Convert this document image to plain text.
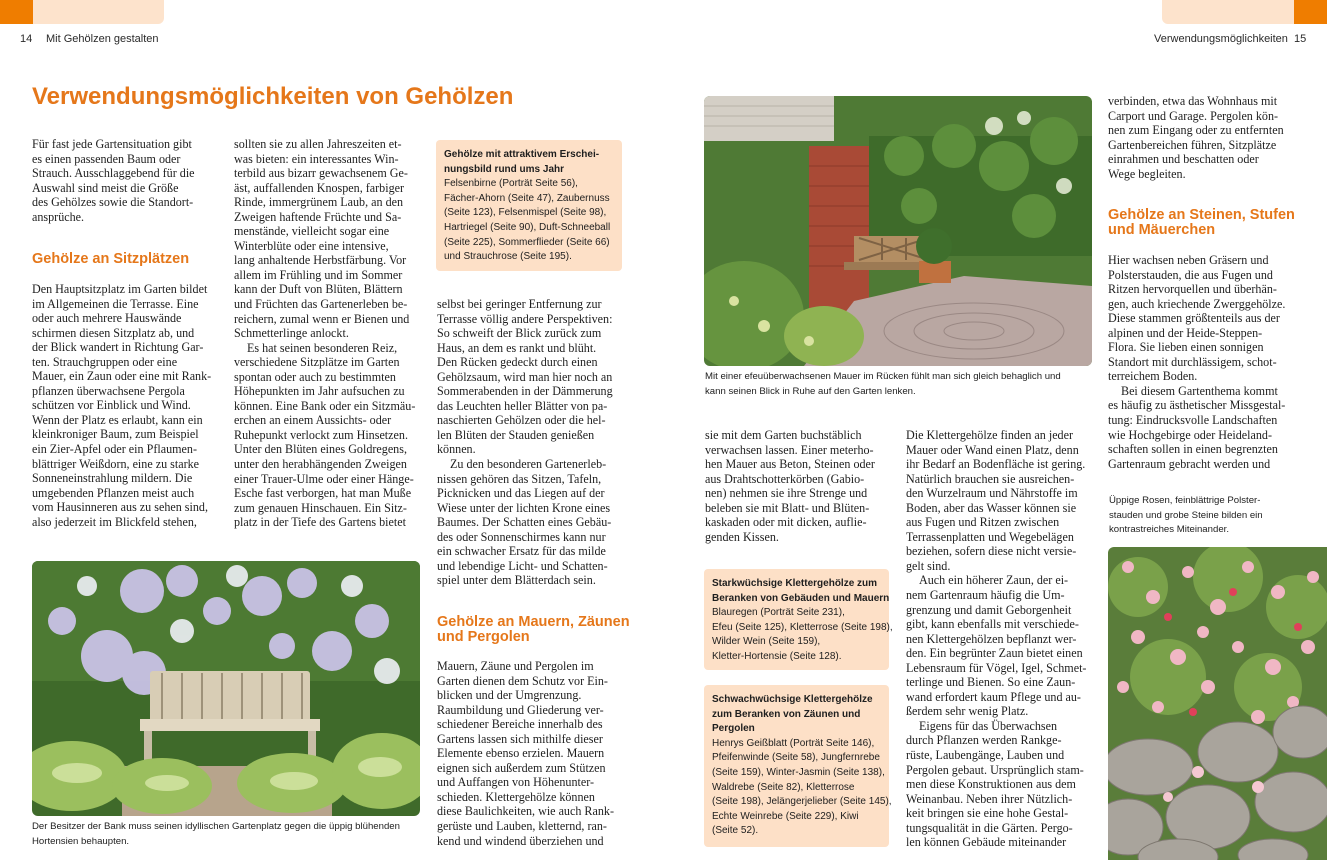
14 Mit Gehölzen gestalten	Verwendungsmöglichkeiten 15
Verwendungsmöglichkeiten von Gehölzen
Für fast jede Gartensituation gibt
es einen passenden Baum oder
Strauch. Ausschlaggebend für die
Auswahl sind meist die Größe
des Gehölzes sowie die Standort-
ansprüche.
Gehölze an Sitzplätzen
Den Hauptsitzplatz im Garten bildet
im Allgemeinen die Terrasse. Eine
oder auch mehrere Hauswände
schirmen diesen Sitzplatz ab, und
der Blick wandert in Richtung Gar-
ten. Strauchgruppen oder eine
Mauer, ein Zaun oder eine mit Rank-
pflanzen überwachsene Pergola
schützen vor Einblick und Wind.
Wenn der Platz es erlaubt, kann ein
kleinkroniger Baum, zum Beispiel
ein Zier-Apfel oder ein Pflaumen-
blättriger Weißdorn, eine zu starke
Sonneneinstrahlung mildern. Die
umgebenden Pflanzen meist auch
vom Hausinneren aus zu sehen sind,
also jederzeit im Blickfeld stehen,
sollten sie zu allen Jahreszeiten et-
was bieten: ein interessantes Win-
terbild aus bizarr gewachsenem Ge-
äst, auffallenden Knospen, farbiger
Rinde, immergrünem Laub, an den
Zweigen haftende Früchte und Sa-
menstände, vielleicht sogar eine
Winterblüte oder eine intensive,
lang anhaltende Herbstfärbung. Vor
allem im Frühling und im Sommer
kann der Duft von Blüten, Blättern
und Früchten das Gartenerleben be-
reichern, zumal wenn er Bienen und
Schmetterlinge anlockt.
Es hat seinen besonderen Reiz,
verschiedene Sitzplätze im Garten
spontan oder auch zu bestimmten
Höhepunkten im Jahr aufsuchen zu
können. Eine Bank oder ein Sitzmäu-
erchen an einem Aussichts- oder
Ruhepunkt verlockt zum Hinsetzen.
Unter den Blüten eines Goldregens,
unter den herabhängenden Zweigen
einer Trauer-Ulme oder einer Hänge-
Esche fast verborgen, hat man Muße
zum genauen Hinschauen. Ein Sitz-
platz in der Tiefe des Gartens bietet
Gehölze mit attraktivem Erschei-
nungsbild rund ums Jahr
Felsenbirne (Porträt Seite 56),
Fächer-Ahorn (Seite 47), Zaubernuss
(Seite 123), Felsenmispel (Seite 98),
Hartriegel (Seite 90), Duft-Schneeball
(Seite 225), Sommerflieder (Seite 66)
und Strauchrose (Seite 195).
selbst bei geringer Entfernung zur
Terrasse völlig andere Perspektiven:
So schweift der Blick zurück zum
Haus, an dem es rankt und blüht.
Den Rücken gedeckt durch einen
Gehölzsaum, wird man hier noch an
Sommerabenden in der Dämmerung
das Leuchten heller Blätter von pa-
naschierten Gehölzen oder die hel-
len Blüten der Stauden genießen
können.
Zu den besonderen Gartenerleb-
nissen gehören das Sitzen, Tafeln,
Picknicken und das Liegen auf der
Wiese unter der lichten Krone eines
Baumes. Der Schatten eines Gebäu-
des oder Sonnenschirmes kann nur
ein schwacher Ersatz für das milde
und lebendige Licht- und Schatten-
spiel unter dem Blätterdach sein.
Gehölze an Mauern, Zäunen
und Pergolen
Mauern, Zäune und Pergolen im
Garten dienen dem Schutz vor Ein-
blicken und der Umgrenzung.
Raumbildung und Gliederung ver-
schiedener Bereiche innerhalb des
Gartens lassen sich mithilfe dieser
Elemente ebenso erzielen. Mauern
eignen sich außerdem zum Stützen
und Auffangen von Höhenunter-
schieden. Klettergehölze können
diese Baulichkeiten, wie auch Rank-
gerüste und Lauben, kletternd, ran-
kend und windend überziehen und
Der Besitzer der Bank muss seinen idyllischen Gartenplatz gegen die üppig blühenden
Hortensien behaupten.
Mit einer efeuüberwachsenen Mauer im Rücken fühlt man sich gleich behaglich und
kann seinen Blick in Ruhe auf den Garten lenken.
sie mit dem Garten buchstäblich
verwachsen lassen. Einer meterho-
hen Mauer aus Beton, Steinen oder
aus Drahtschotterkörben (Gabio-
nen) nehmen sie ihre Strenge und
beleben sie mit Blatt- und Blüten-
kaskaden oder mit dicken, auflie-
genden Kissen.
Starkwüchsige Klettergehölze zum
Beranken von Gebäuden und Mauern
Blauregen (Porträt Seite 231),
Efeu (Seite 125), Kletterrose (Seite 198),
Wilder Wein (Seite 159),
Kletter-Hortensie (Seite 128).
Schwachwüchsige Klettergehölze
zum Beranken von Zäunen und
Pergolen
Henrys Geißblatt (Porträt Seite 146),
Pfeifenwinde (Seite 58), Jungfernrebe
(Seite 159), Winter-Jasmin (Seite 138),
Waldrebe (Seite 82), Kletterrose
(Seite 198), Jelängerjelieber (Seite 145),
Echte Weinrebe (Seite 229), Kiwi
(Seite 52).
Die Klettergehölze finden an jeder
Mauer oder Wand einen Platz, denn
ihr Bedarf an Bodenfläche ist gering.
Natürlich brauchen sie ausreichen-
den Wurzelraum und Nährstoffe im
Boden, aber das Wasser können sie
aus Fugen und Ritzen zwischen
Terrassenplatten und Wegebelägen
beziehen, sofern diese nicht versie-
gelt sind.
Auch ein höherer Zaun, der ei-
nem Gartenraum häufig die Um-
grenzung und damit Geborgenheit
gibt, kann ebenfalls mit verschiede-
nen Klettergehölzen bepflanzt wer-
den. Ein begrünter Zaun bietet einen
Lebensraum für Vögel, Igel, Schmet-
terlinge und Bienen. So eine Zaun-
wand erfordert kaum Pflege und au-
ßerdem sehr wenig Platz.
Eigens für das Überwachsen
durch Pflanzen werden Rankge-
rüste, Laubengänge, Lauben und
Pergolen gebaut. Ursprünglich stam-
men diese Konstruktionen aus dem
Weinanbau. Neben ihrer Nützlich-
keit bringen sie eine hohe Gestal-
tungsqualität in die Gärten. Pergo-
len können Gebäude miteinander
verbinden, etwa das Wohnhaus mit
Carport und Garage. Pergolen kön-
nen zum Eingang oder zu entfernten
Gartenbereichen führen, Sitzplätze
einrahmen und beschatten oder
Wege begleiten.
Gehölze an Steinen, Stufen
und Mäuerchen
Hier wachsen neben Gräsern und
Polsterstauden, die aus Fugen und
Ritzen hervorquellen und überhän-
gen, auch kriechende Zwerggehölze.
Diese stammen größtenteils aus der
alpinen und der Heide-Steppen-
Flora. Sie lieben einen sonnigen
Standort mit durchlässigem, schot-
terreichem Boden.
Bei diesem Gartenthema kommt
es häufig zu ästhetischer Missgestal-
tung: Eindrucksvolle Landschaften
wie Hochgebirge oder Heideland-
schaften sollen in einen begrenzten
Gartenraum gebracht werden und
Üppige Rosen, feinblättrige Polster-
stauden und grobe Steine bilden ein
kontrastreiches Miteinander.
